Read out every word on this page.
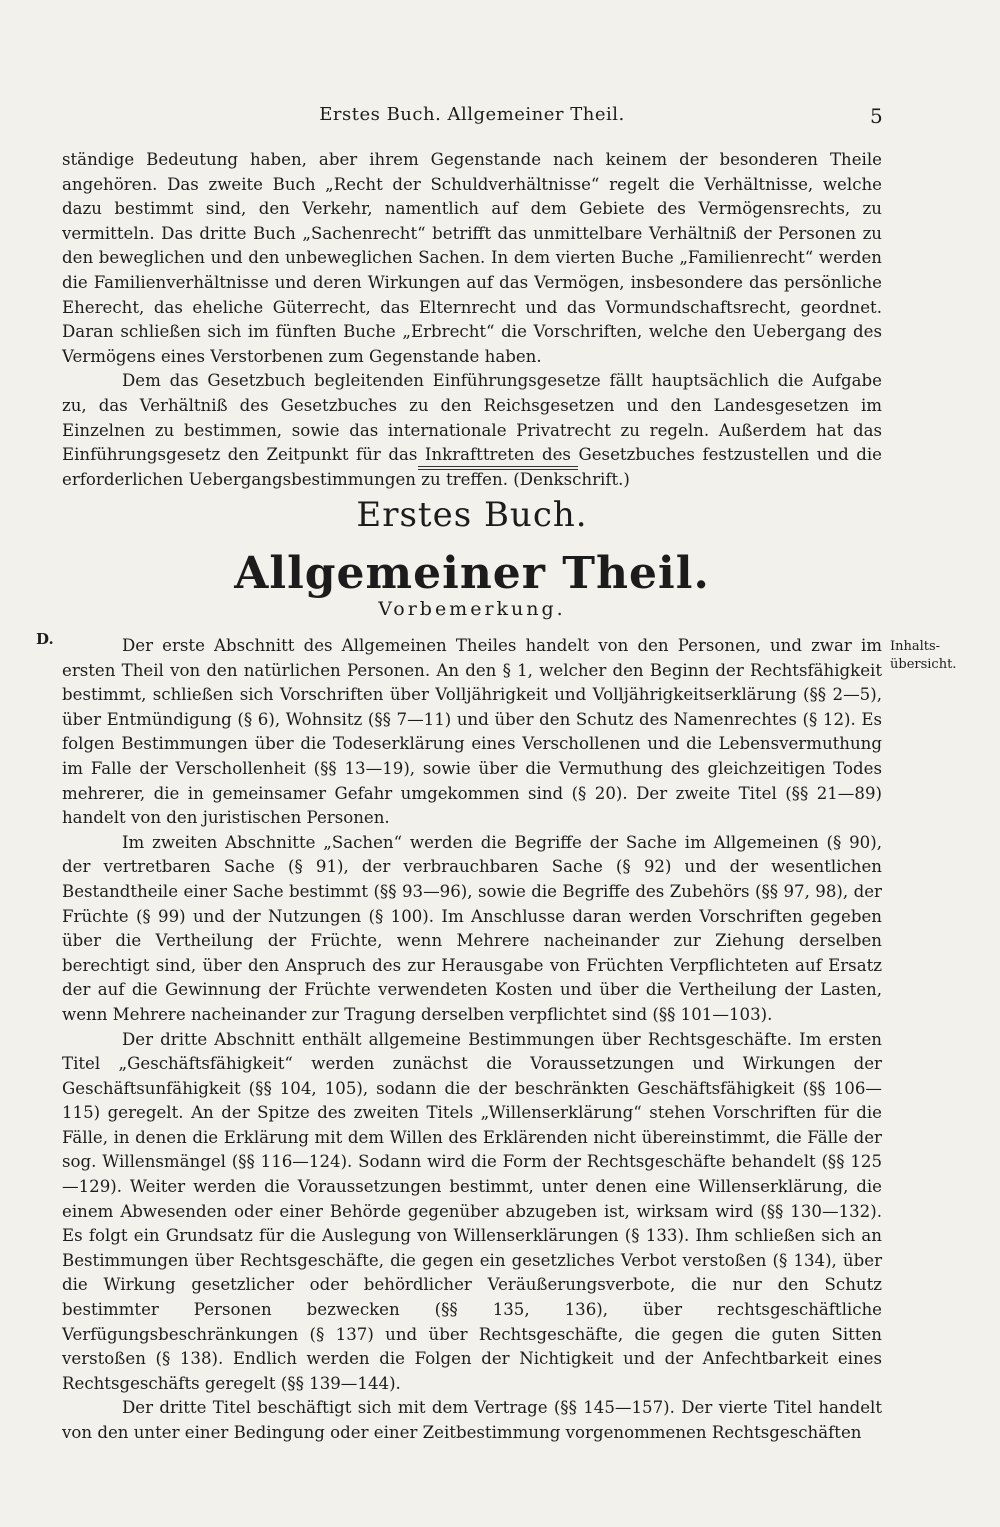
Erstes Buch. Allgemeiner Theil.	5

ständige Bedeutung haben, aber ihrem Gegenstande nach keinem der besonderen Theile angehören. Das zweite Buch „Recht der Schuldverhältnisse“ regelt die Verhältnisse, welche dazu bestimmt sind, den Verkehr, namentlich auf dem Gebiete des Vermögensrechts, zu vermitteln. Das dritte Buch „Sachenrecht“ betrifft das unmittelbare Verhältniß der Personen zu den beweglichen und den unbeweglichen Sachen. In dem vierten Buche „Familienrecht“ werden die Familienverhältnisse und deren Wirkungen auf das Vermögen, insbesondere das persönliche Eherecht, das eheliche Güterrecht, das Elternrecht und das Vormundschaftsrecht, geordnet. Daran schließen sich im fünften Buche „Erbrecht“ die Vorschriften, welche den Uebergang des Vermögens eines Verstorbenen zum Gegenstande haben.

Dem das Gesetzbuch begleitenden Einführungsgesetze fällt hauptsächlich die Aufgabe zu, das Verhältniß des Gesetzbuches zu den Reichsgesetzen und den Landesgesetzen im Einzelnen zu bestimmen, sowie das internationale Privatrecht zu regeln. Außerdem hat das Einführungsgesetz den Zeitpunkt für das Inkrafttreten des Gesetzbuches festzustellen und die erforderlichen Uebergangsbestimmungen zu treffen. (Denkschrift.)

Erstes Buch.
Allgemeiner Theil.
Vorbemerkung.
D.	Inhalts-übersicht.

Der erste Abschnitt des Allgemeinen Theiles handelt von den Personen, und zwar im ersten Theil von den natürlichen Personen. An den § 1, welcher den Beginn der Rechtsfähigkeit bestimmt, schließen sich Vorschriften über Volljährigkeit und Volljährigkeitserklärung (§§ 2—5), über Entmündigung (§ 6), Wohnsitz (§§ 7—11) und über den Schutz des Namenrechtes (§ 12). Es folgen Bestimmungen über die Todeserklärung eines Verschollenen und die Lebensvermuthung im Falle der Verschollenheit (§§ 13—19), sowie über die Vermuthung des gleichzeitigen Todes mehrerer, die in gemeinsamer Gefahr umgekommen sind (§ 20). Der zweite Titel (§§ 21—89) handelt von den juristischen Personen.

Im zweiten Abschnitte „Sachen“ werden die Begriffe der Sache im Allgemeinen (§ 90), der vertretbaren Sache (§ 91), der verbrauchbaren Sache (§ 92) und der wesentlichen Bestandtheile einer Sache bestimmt (§§ 93—96), sowie die Begriffe des Zubehörs (§§ 97, 98), der Früchte (§ 99) und der Nutzungen (§ 100). Im Anschlusse daran werden Vorschriften gegeben über die Vertheilung der Früchte, wenn Mehrere nacheinander zur Ziehung derselben berechtigt sind, über den Anspruch des zur Herausgabe von Früchten Verpflichteten auf Ersatz der auf die Gewinnung der Früchte verwendeten Kosten und über die Vertheilung der Lasten, wenn Mehrere nacheinander zur Tragung derselben verpflichtet sind (§§ 101—103).

Der dritte Abschnitt enthält allgemeine Bestimmungen über Rechtsgeschäfte. Im ersten Titel „Geschäftsfähigkeit“ werden zunächst die Voraussetzungen und Wirkungen der Geschäftsunfähigkeit (§§ 104, 105), sodann die der beschränkten Geschäftsfähigkeit (§§ 106—115) geregelt. An der Spitze des zweiten Titels „Willenserklärung“ stehen Vorschriften für die Fälle, in denen die Erklärung mit dem Willen des Erklärenden nicht übereinstimmt, die Fälle der sog. Willensmängel (§§ 116—124). Sodann wird die Form der Rechtsgeschäfte behandelt (§§ 125—129). Weiter werden die Voraussetzungen bestimmt, unter denen eine Willenserklärung, die einem Abwesenden oder einer Behörde gegenüber abzugeben ist, wirksam wird (§§ 130—132). Es folgt ein Grundsatz für die Auslegung von Willenserklärungen (§ 133). Ihm schließen sich an Bestimmungen über Rechtsgeschäfte, die gegen ein gesetzliches Verbot verstoßen (§ 134), über die Wirkung gesetzlicher oder behördlicher Veräußerungsverbote, die nur den Schutz bestimmter Personen bezwecken (§§ 135, 136), über rechtsgeschäftliche Verfügungsbeschränkungen (§ 137) und über Rechtsgeschäfte, die gegen die guten Sitten verstoßen (§ 138). Endlich werden die Folgen der Nichtigkeit und der Anfechtbarkeit eines Rechtsgeschäfts geregelt (§§ 139—144).

Der dritte Titel beschäftigt sich mit dem Vertrage (§§ 145—157). Der vierte Titel handelt von den unter einer Bedingung oder einer Zeitbestimmung vorgenommenen Rechtsgeschäften
